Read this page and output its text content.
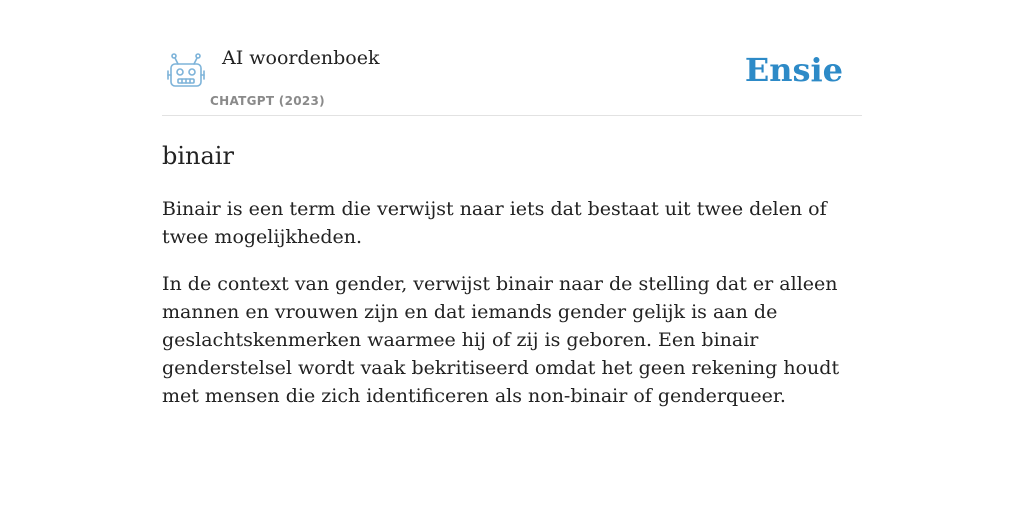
AI woordenboek
CHATGPT (2023)
Ensie
binair

Binair is een term die verwijst naar iets dat bestaat uit twee delen of twee mogelijkheden.

In de context van gender, verwijst binair naar de stelling dat er alleen mannen en vrouwen zijn en dat iemands gender gelijk is aan de geslachtskenmerken waarmee hij of zij is geboren. Een binair genderstelsel wordt vaak bekritiseerd omdat het geen rekening houdt met mensen die zich identificeren als non-binair of genderqueer.
